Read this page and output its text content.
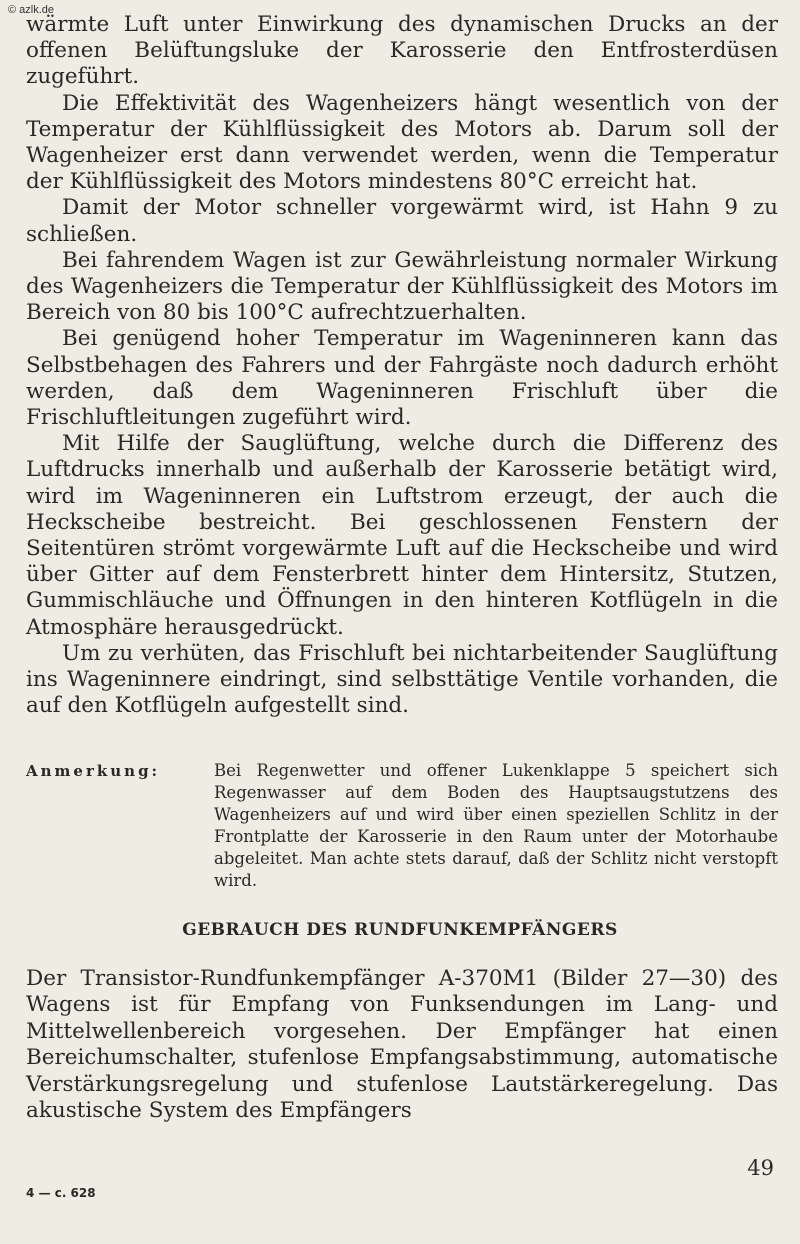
© azlk.de

wärmte Luft unter Einwirkung des dynamischen Drucks an der offenen Belüftungsluke der Karosserie den Entfrosterdüsen zugeführt.

Die Effektivität des Wagenheizers hängt wesentlich von der Temperatur der Kühlflüssigkeit des Motors ab. Darum soll der Wagenheizer erst dann verwendet werden, wenn die Temperatur der Kühlflüssigkeit des Motors mindestens 80°C erreicht hat.

Damit der Motor schneller vorgewärmt wird, ist Hahn 9 zu schließen.

Bei fahrendem Wagen ist zur Gewährleistung normaler Wirkung des Wagenheizers die Temperatur der Kühlflüssigkeit des Motors im Bereich von 80 bis 100°C aufrechtzuerhalten.

Bei genügend hoher Temperatur im Wageninneren kann das Selbstbehagen des Fahrers und der Fahrgäste noch dadurch erhöht werden, daß dem Wageninneren Frischluft über die Frischluftleitungen zugeführt wird.

Mit Hilfe der Sauglüftung, welche durch die Differenz des Luftdrucks innerhalb und außerhalb der Karosserie betätigt wird, wird im Wageninneren ein Luftstrom erzeugt, der auch die Heckscheibe bestreicht. Bei geschlossenen Fenstern der Seitentüren strömt vorgewärmte Luft auf die Heckscheibe und wird über Gitter auf dem Fensterbrett hinter dem Hintersitz, Stutzen, Gummischläuche und Öffnungen in den hinteren Kotflügeln in die Atmosphäre herausgedrückt.

Um zu verhüten, das Frischluft bei nichtarbeitender Sauglüftung ins Wageninnere eindringt, sind selbsttätige Ventile vorhanden, die auf den Kotflügeln aufgestellt sind.

Anmerkung:	Bei Regenwetter und offener Lukenklappe 5 speichert sich Regenwasser auf dem Boden des Hauptsaugstutzens des Wagenheizers auf und wird über einen speziellen Schlitz in der Frontplatte der Karosserie in den Raum unter der Motorhaube abgeleitet. Man achte stets darauf, daß der Schlitz nicht verstopft wird.
GEBRAUCH DES RUNDFUNKEMPFÄNGERS

Der Transistor-Rundfunkempfänger A-370M1 (Bilder 27—30) des Wagens ist für Empfang von Funksendungen im Lang- und Mittelwellenbereich vorgesehen. Der Empfänger hat einen Bereichumschalter, stufenlose Empfangsabstimmung, automatische Verstärkungsregelung und stufenlose Lautstärkeregelung. Das akustische System des Empfängers

49
4 — c. 628
